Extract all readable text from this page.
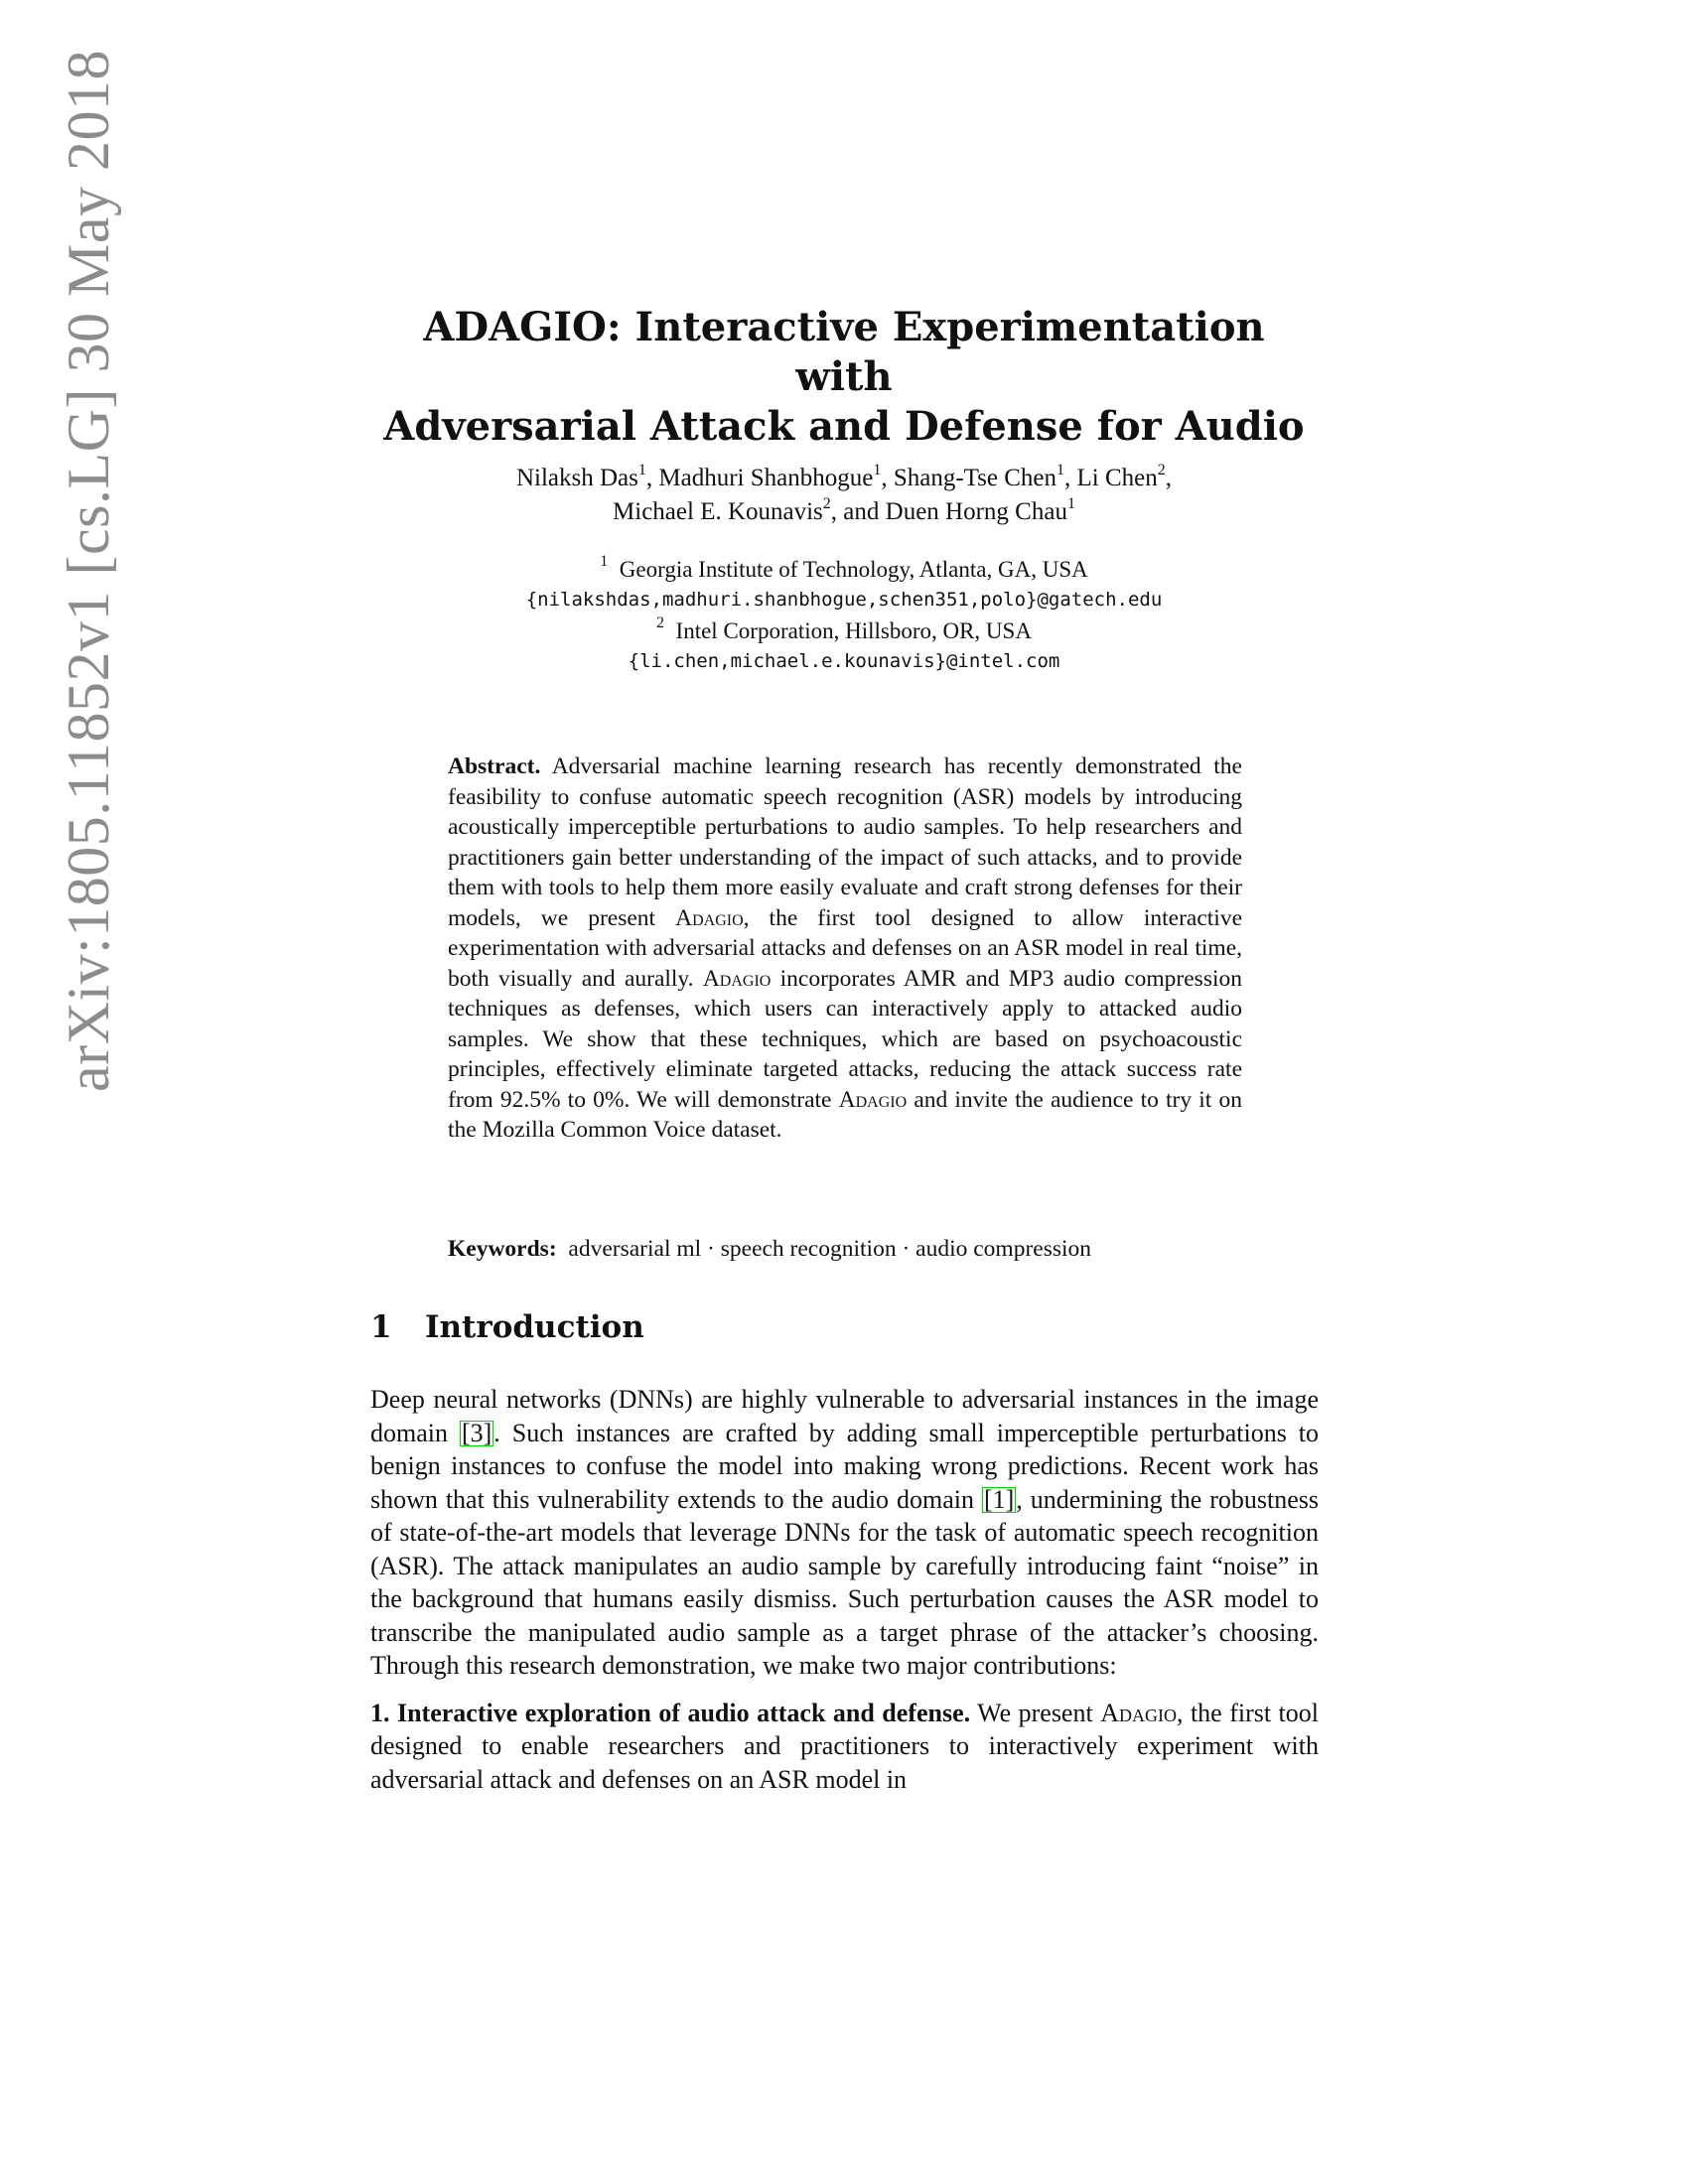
arXiv:1805.11852v1 [cs.LG] 30 May 2018	ADAGIO: Interactive Experimentation with
Adversarial Attack and Defense for Audio
Nilaksh Das$^1$, Madhuri Shanbhogue$^1$, Shang-Tse Chen$^1$, Li Chen$^2$,
Michael E. Kounavis$^2$, and Duen Horng Chau$^1$
$^1$ Georgia Institute of Technology, Atlanta, GA, USA
{nilakshdas,madhuri.shanbhogue,schen351,polo}@gatech.edu
$^2$ Intel Corporation, Hillsboro, OR, USA
{li.chen,michael.e.kounavis}@intel.com
Abstract. Adversarial machine learning research has recently demonstrated the feasibility to confuse automatic speech recognition (ASR) models by introducing acoustically imperceptible perturbations to audio samples. To help researchers and practitioners gain better understanding of the impact of such attacks, and to provide them with tools to help them more easily evaluate and craft strong defenses for their models, we present Adagio, the first tool designed to allow interactive experimentation with adversarial attacks and defenses on an ASR model in real time, both visually and aurally. Adagio incorporates AMR and MP3 audio compression techniques as defenses, which users can interactively apply to attacked audio samples. We show that these techniques, which are based on psychoacoustic principles, effectively eliminate targeted attacks, reducing the attack success rate from 92.5% to 0%. We will demonstrate Adagio and invite the audience to try it on the Mozilla Common Voice dataset.
Keywords: adversarial ml · speech recognition · audio compression
1 Introduction

Deep neural networks (DNNs) are highly vulnerable to adversarial instances in the image domain [3]. Such instances are crafted by adding small imperceptible perturbations to benign instances to confuse the model into making wrong predictions. Recent work has shown that this vulnerability extends to the audio domain [1], undermining the robustness of state-of-the-art models that leverage DNNs for the task of automatic speech recognition (ASR). The attack manipulates an audio sample by carefully introducing faint “noise” in the background that humans easily dismiss. Such perturbation causes the ASR model to transcribe the manipulated audio sample as a target phrase of the attacker’s choosing. Through this research demonstration, we make two major contributions:

1. Interactive exploration of audio attack and defense. We present Adagio, the first tool designed to enable researchers and practitioners to interactively experiment with adversarial attack and defenses on an ASR model in
